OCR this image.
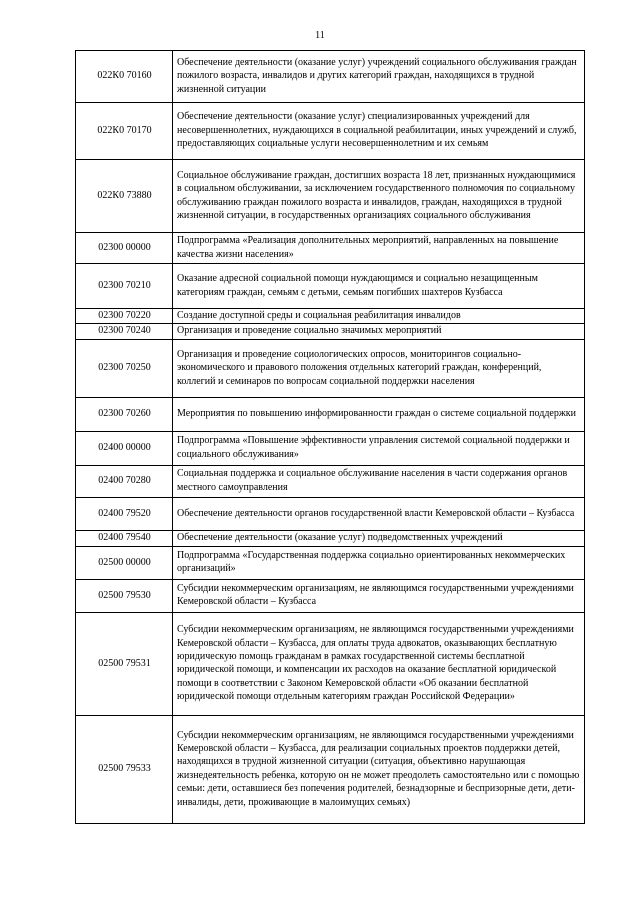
11
022К0 70160	Обеспечение деятельности (оказание услуг) учреждений социального обслуживания граждан пожилого возраста, инвалидов и других категорий граждан, находящихся в трудной жизненной ситуации
022К0 70170	Обеспечение деятельности (оказание услуг) специализированных учреждений для несовершеннолетних, нуждающихся в социальной реабилитации, иных учреждений и служб, предоставляющих социальные услуги несовершеннолетним и их семьям
022К0 73880	Социальное обслуживание граждан, достигших возраста 18 лет, признанных нуждающимися в социальном обслуживании, за исключением государственного полномочия по социальному обслуживанию граждан пожилого возраста и инвалидов, граждан, находящихся в трудной жизненной ситуации, в государственных организациях социального обслуживания
02300 00000	Подпрограмма «Реализация дополнительных мероприятий, направленных на повышение качества жизни населения»
02300 70210	Оказание адресной социальной помощи нуждающимся и социально незащищенным категориям граждан, семьям с детьми, семьям погибших шахтеров Кузбасса
02300 70220	Создание доступной среды и социальная реабилитация инвалидов
02300 70240	Организация и проведение социально значимых мероприятий
02300 70250	Организация и проведение социологических опросов, мониторингов социально-экономического и правового положения отдельных категорий граждан, конференций, коллегий и семинаров по вопросам социальной поддержки населения
02300 70260	Мероприятия по повышению информированности граждан о системе социальной поддержки
02400 00000	Подпрограмма «Повышение эффективности управления системой социальной поддержки и социального обслуживания»
02400 70280	Социальная поддержка и социальное обслуживание населения в части содержания органов местного самоуправления
02400 79520	Обеспечение деятельности органов государственной власти Кемеровской области – Кузбасса
02400 79540	Обеспечение деятельности (оказание услуг) подведомственных учреждений
02500 00000	Подпрограмма «Государственная поддержка социально ориентированных некоммерческих организаций»
02500 79530	Субсидии некоммерческим организациям, не являющимся государственными учреждениями Кемеровской области – Кузбасса
02500 79531	Субсидии некоммерческим организациям, не являющимся государственными учреждениями Кемеровской области – Кузбасса, для оплаты труда адвокатов, оказывающих бесплатную юридическую помощь гражданам в рамках государственной системы бесплатной юридической помощи, и компенсации их расходов на оказание бесплатной юридической помощи в соответствии с Законом Кемеровской области «Об оказании бесплатной юридической помощи отдельным категориям граждан Российской Федерации»
02500 79533	Субсидии некоммерческим организациям, не являющимся государственными учреждениями Кемеровской области – Кузбасса, для реализации социальных проектов поддержки детей, находящихся в трудной жизненной ситуации (ситуация, объективно нарушающая жизнедеятельность ребенка, которую он не может преодолеть самостоятельно или с помощью семьи: дети, оставшиеся без попечения родителей, безнадзорные и беспризорные дети, дети-инвалиды, дети, проживающие в малоимущих семьях)
